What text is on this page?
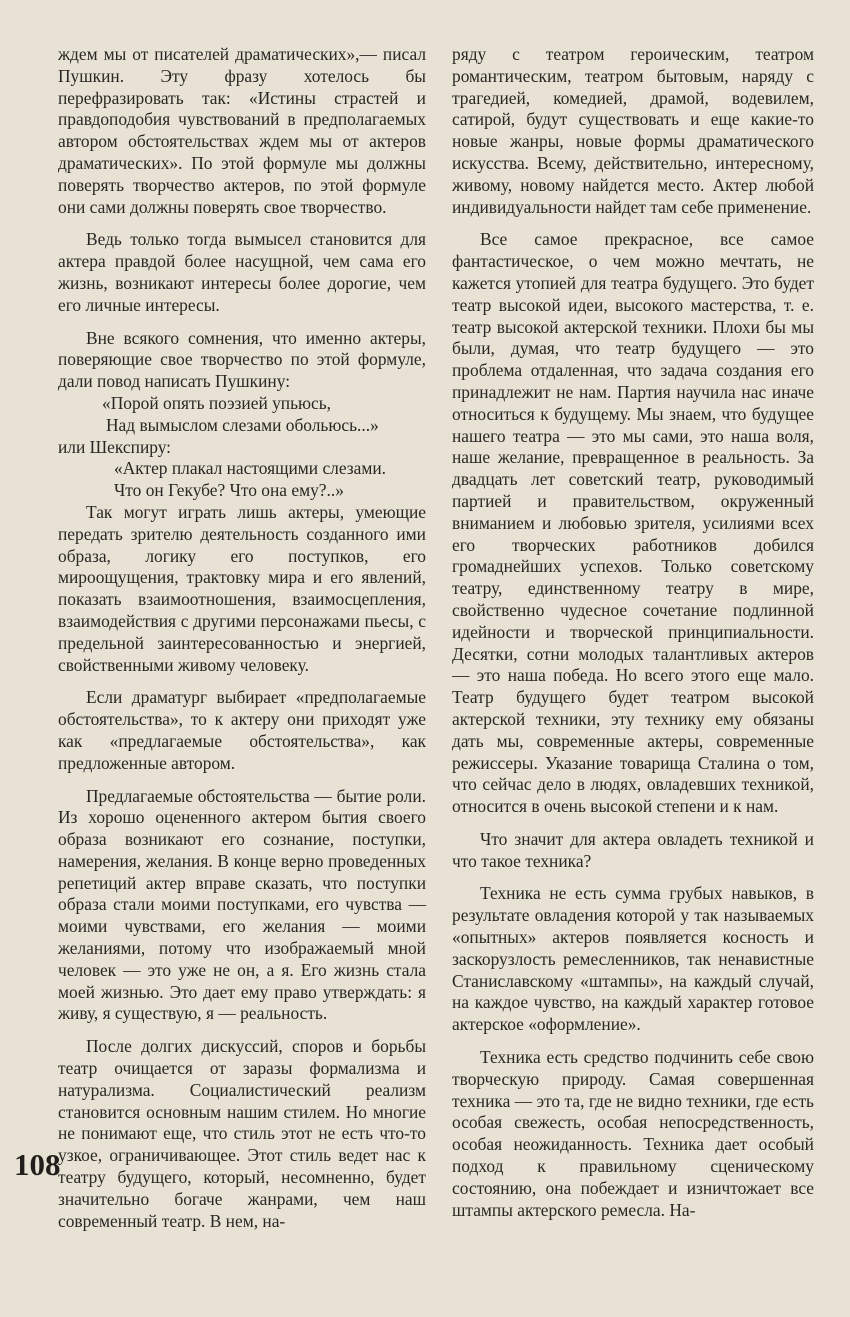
ждем мы от писателей драматических»,— писал Пушкин. Эту фразу хотелось бы перефразировать так: «Истины страстей и правдоподобия чувствований в предполагаемых автором обстоятельствах ждем мы от актеров драматических». По этой формуле мы должны поверять творчество актеров, по этой формуле они сами должны поверять свое творчество.

Ведь только тогда вымысел становится для актера правдой более насущной, чем сама его жизнь, возникают интересы более дорогие, чем его личные интересы.

Вне всякого сомнения, что именно актеры, поверяющие свое творчество по этой формуле, дали повод написать Пушкину:

«Порой опять поэзией упьюсь,
Над вымыслом слезами обольюсь...»
или Шекспиру:
«Актер плакал настоящими слезами.
Что он Гекубе? Что она ему?..»

Так могут играть лишь актеры, умеющие передать зрителю деятельность созданного ими образа, логику его поступков, его мироощущения, трактовку мира и его явлений, показать взаимоотношения, взаимосцепления, взаимодействия с другими персонажами пьесы, с предельной заинтересованностью и энергией, свойственными живому человеку.

Если драматург выбирает «предполагаемые обстоятельства», то к актеру они приходят уже как «предлагаемые обстоятельства», как предложенные автором.

Предлагаемые обстоятельства — бытие роли. Из хорошо оцененного актером бытия своего образа возникают его сознание, поступки, намерения, желания. В конце верно проведенных репетиций актер вправе сказать, что поступки образа стали моими поступками, его чувства — моими чувствами, его желания — моими желаниями, потому что изображаемый мной человек — это уже не он, а я. Его жизнь стала моей жизнью. Это дает ему право утверждать: я живу, я существую, я — реальность.

После долгих дискуссий, споров и борьбы театр очищается от заразы формализма и натурализма. Социалистический реализм становится основным нашим стилем. Но многие не понимают еще, что стиль этот не есть что-то узкое, ограничивающее. Этот стиль ведет нас к театру будущего, который, несомненно, будет значительно богаче жанрами, чем наш современный театр. В нем, на-

ряду с театром героическим, театром романтическим, театром бытовым, наряду с трагедией, комедией, драмой, водевилем, сатирой, будут существовать и еще какие-то новые жанры, новые формы драматического искусства. Всему, действительно, интересному, живому, новому найдется место. Актер любой индивидуальности найдет там себе применение.

Все самое прекрасное, все самое фантастическое, о чем можно мечтать, не кажется утопией для театра будущего. Это будет театр высокой идеи, высокого мастерства, т. е. театр высокой актерской техники. Плохи бы мы были, думая, что театр будущего — это проблема отдаленная, что задача создания его принадлежит не нам. Партия научила нас иначе относиться к будущему. Мы знаем, что будущее нашего театра — это мы сами, это наша воля, наше желание, превращенное в реальность. За двадцать лет советский театр, руководимый партией и правительством, окруженный вниманием и любовью зрителя, усилиями всех его творческих работников добился громаднейших успехов. Только советскому театру, единственному театру в мире, свойственно чудесное сочетание подлинной идейности и творческой принципиальности. Десятки, сотни молодых талантливых актеров — это наша победа. Но всего этого еще мало. Театр будущего будет театром высокой актерской техники, эту технику ему обязаны дать мы, современные актеры, современные режиссеры. Указание товарища Сталина о том, что сейчас дело в людях, овладевших техникой, относится в очень высокой степени и к нам.

Что значит для актера овладеть техникой и что такое техника?

Техника не есть сумма грубых навыков, в результате овладения которой у так называемых «опытных» актеров появляется косность и заскорузлость ремесленников, так ненавистные Станиславскому «штампы», на каждый случай, на каждое чувство, на каждый характер готовое актерское «оформление».

Техника есть средство подчинить себе свою творческую природу. Самая совершенная техника — это та, где не видно техники, где есть особая свежесть, особая непосредственность, особая неожиданность. Техника дает особый подход к правильному сценическому состоянию, она побеждает и изничтожает все штампы актерского ремесла. На-

108
